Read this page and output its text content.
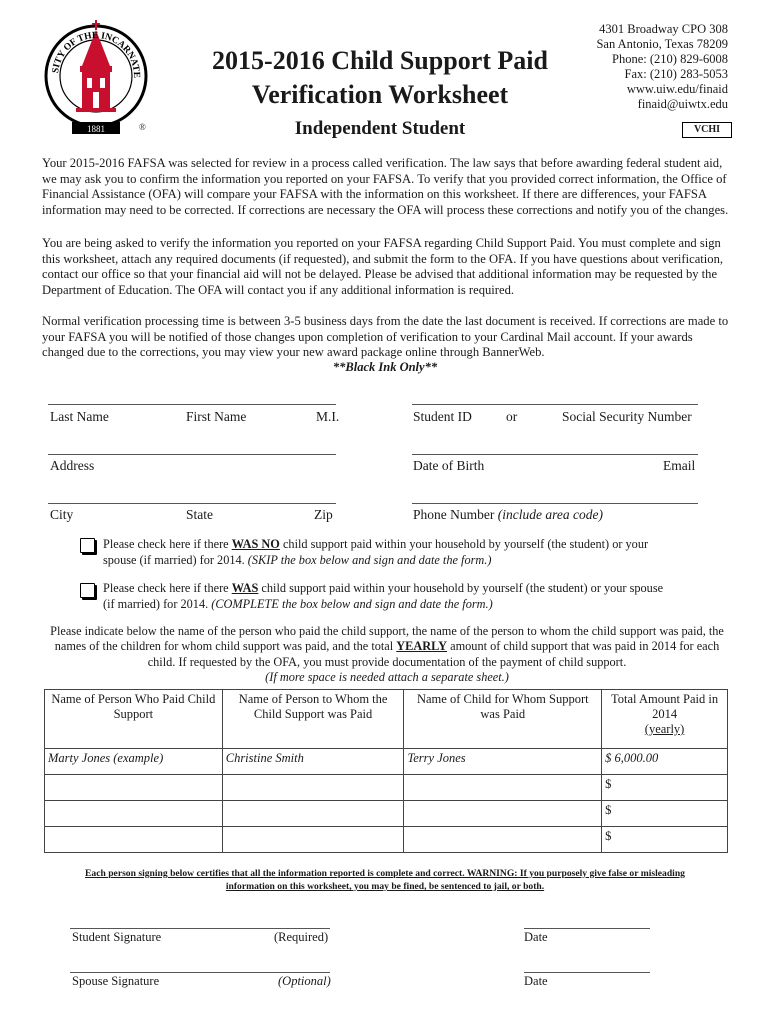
1881
SITY OF THE INCARNATE
®
2015-2016 Child Support Paid
Verification Worksheet
Independent Student
4301 Broadway CPO 308
San Antonio, Texas 78209
Phone: (210) 829-6008
Fax: (210) 283-5053
www.uiw.edu/finaid
finaid@uiwtx.edu
VCHI
Your 2015-2016 FAFSA was selected for review in a process called verification. The law says that before awarding federal student aid, we may ask you to confirm the information you reported on your FAFSA. To verify that you provided correct information, the Office of Financial Assistance (OFA) will compare your FAFSA with the information on this worksheet. If there are differences, your FAFSA information may need to be corrected. If corrections are necessary the OFA will process these corrections and notify you of the changes.
You are being asked to verify the information you reported on your FAFSA regarding Child Support Paid. You must complete and sign this worksheet, attach any required documents (if requested), and submit the form to the OFA. If you have questions about verification, contact our office so that your financial aid will not be delayed. Please be advised that additional information may be requested by the Department of Education. The OFA will contact you if any additional information is required.
Normal verification processing time is between 3-5 business days from the date the last document is received. If corrections are made to your FAFSA you will be notified of those changes upon completion of verification to your Cardinal Mail account. If your awards changed due to the corrections, you may view your new award package online through BannerWeb.
**Black Ink Only**
Last Name	First Name	M.I.	Student ID	or	Social Security Number
Address	Date of Birth	Email
City	State	Zip	Phone Number (include area code)
Please check here if there WAS NO child support paid within your household by yourself (the student) or your
spouse (if married) for 2014. (SKIP the box below and sign and date the form.)
Please check here if there WAS child support paid within your household by yourself (the student) or your spouse
(if married) for 2014. (COMPLETE the box below and sign and date the form.)
Please indicate below the name of the person who paid the child support, the name of the person to whom the child support was paid, the names of the children for whom child support was paid, and the total YEARLY amount of child support that was paid in 2014 for each child. If requested by the OFA, you must provide documentation of the payment of child support.
(If more space is needed attach a separate sheet.)
Name of Person Who Paid Child Support	Name of Person to Whom the Child Support was Paid	Name of Child for Whom Support was Paid	Total Amount Paid in 2014
(yearly)
Marty Jones (example)	Christine Smith	Terry Jones	$ 6,000.00
			$
			$
			$
Each person signing below certifies that all the information reported is complete and correct. WARNING: If you purposely give false or misleading information on this worksheet, you may be fined, be sentenced to jail, or both.
Student Signature	(Required)	Date
Spouse Signature	(Optional)	Date
